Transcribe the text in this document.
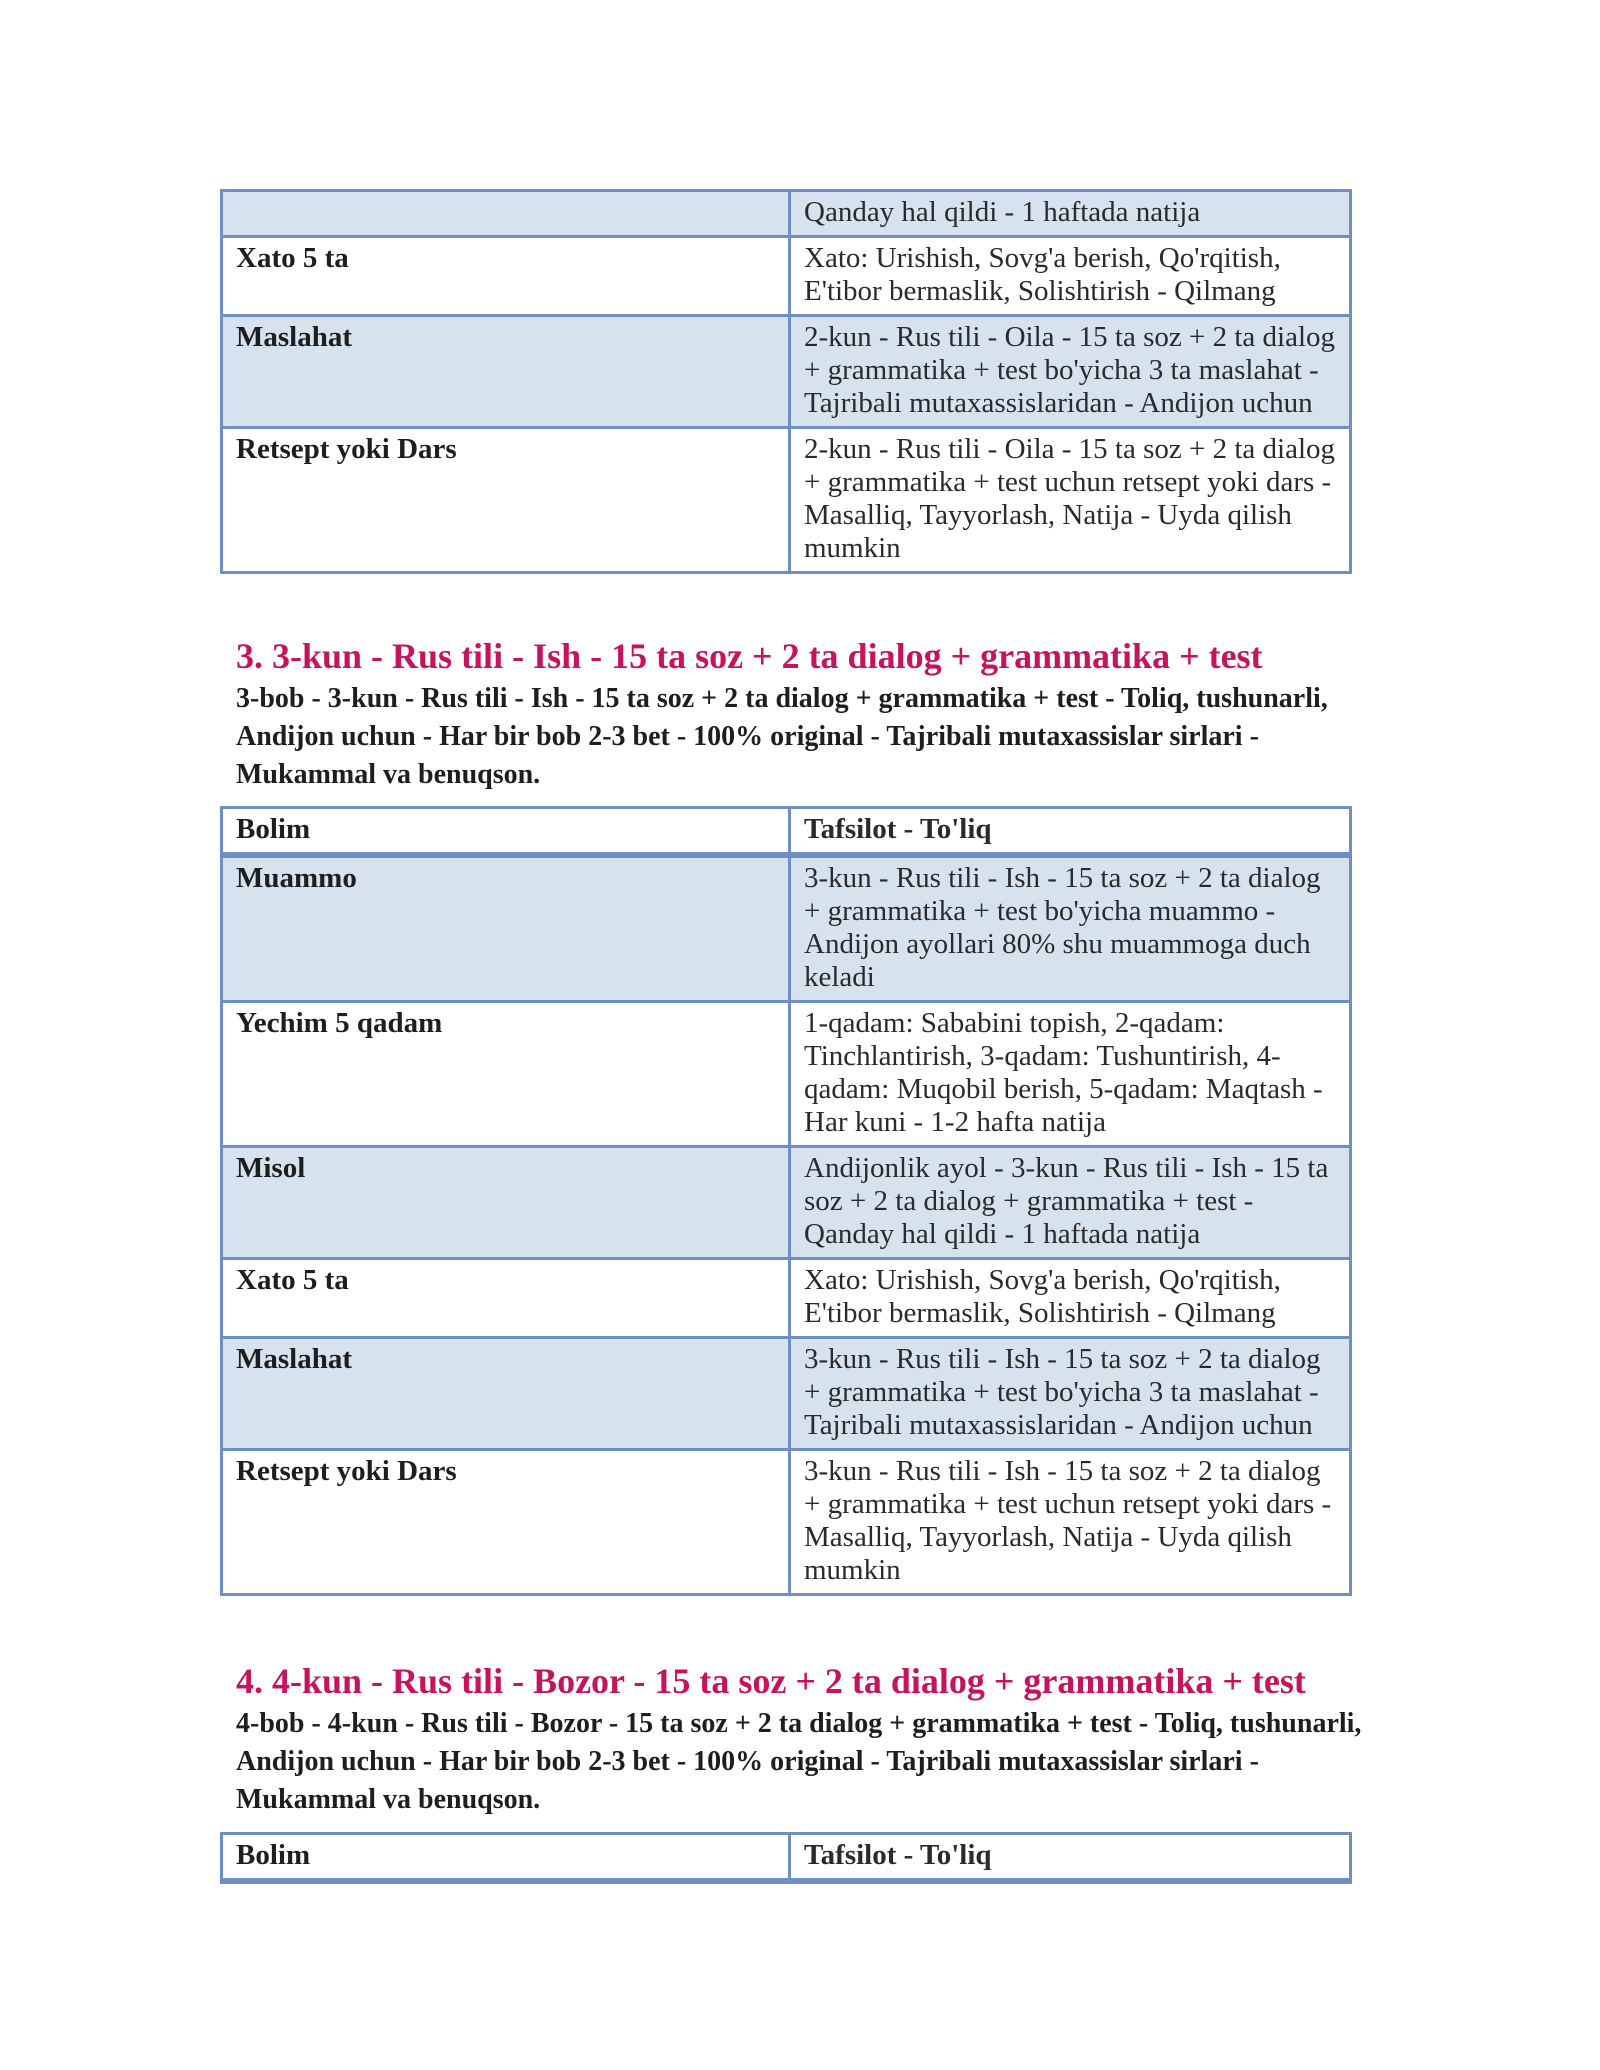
	Qanday hal qildi - 1 haftada natija
Xato 5 ta	Xato: Urishish, Sovg'a berish, Qo'rqitish, E'tibor bermaslik, Solishtirish - Qilmang
Maslahat	2-kun - Rus tili - Oila - 15 ta soz + 2 ta dialog + grammatika + test bo'yicha 3 ta maslahat - Tajribali mutaxassislaridan - Andijon uchun
Retsept yoki Dars	2-kun - Rus tili - Oila - 15 ta soz + 2 ta dialog + grammatika + test uchun retsept yoki dars - Masalliq, Tayyorlash, Natija - Uyda qilish mumkin
3. 3-kun - Rus tili - Ish - 15 ta soz + 2 ta dialog + grammatika + test

3-bob - 3-kun - Rus tili - Ish - 15 ta soz + 2 ta dialog + grammatika + test - Toliq, tushunarli, Andijon uchun - Har bir bob 2-3 bet - 100% original - Tajribali mutaxassislar sirlari - Mukammal va benuqson.

Bolim	Tafsilot - To'liq
Muammo	3-kun - Rus tili - Ish - 15 ta soz + 2 ta dialog + grammatika + test bo'yicha muammo - Andijon ayollari 80% shu muammoga duch keladi
Yechim 5 qadam	1-qadam: Sababini topish, 2-qadam: Tinchlantirish, 3-qadam: Tushuntirish, 4-qadam: Muqobil berish, 5-qadam: Maqtash - Har kuni - 1-2 hafta natija
Misol	Andijonlik ayol - 3-kun - Rus tili - Ish - 15 ta soz + 2 ta dialog + grammatika + test - Qanday hal qildi - 1 haftada natija
Xato 5 ta	Xato: Urishish, Sovg'a berish, Qo'rqitish, E'tibor bermaslik, Solishtirish - Qilmang
Maslahat	3-kun - Rus tili - Ish - 15 ta soz + 2 ta dialog + grammatika + test bo'yicha 3 ta maslahat - Tajribali mutaxassislaridan - Andijon uchun
Retsept yoki Dars	3-kun - Rus tili - Ish - 15 ta soz + 2 ta dialog + grammatika + test uchun retsept yoki dars - Masalliq, Tayyorlash, Natija - Uyda qilish mumkin
4. 4-kun - Rus tili - Bozor - 15 ta soz + 2 ta dialog + grammatika + test

4-bob - 4-kun - Rus tili - Bozor - 15 ta soz + 2 ta dialog + grammatika + test - Toliq, tushunarli, Andijon uchun - Har bir bob 2-3 bet - 100% original - Tajribali mutaxassislar sirlari - Mukammal va benuqson.

Bolim	Tafsilot - To'liq
